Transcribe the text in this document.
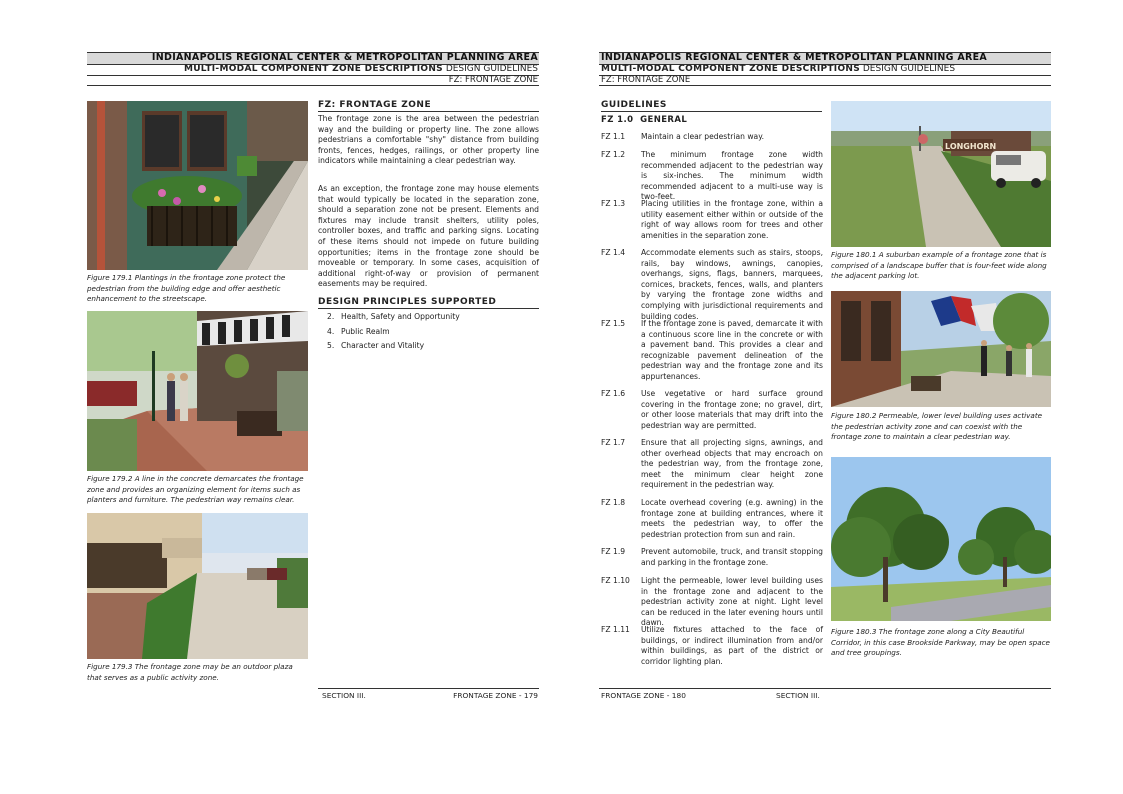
INDIANAPOLIS REGIONAL CENTER & METROPOLITAN PLANNING AREA
MULTI-MODAL COMPONENT ZONE DESCRIPTIONS DESIGN GUIDELINES
FZ: FRONTAGE ZONE
Figure 179.1 Plantings in the frontage zone protect the pedestrian from the building edge and offer aesthetic enhancement to the streetscape.
Figure 179.2 A line in the concrete demarcates the frontage zone and provides an organizing element for items such as planters and furniture. The pedestrian way remains clear.
Figure 179.3 The frontage zone may be an outdoor plaza that serves as a public activity zone.
FZ: FRONTAGE ZONE
The frontage zone is the area between the pedestrian way and the building or property line. The zone allows pedestrians a comfortable "shy" distance from building fronts, fences, hedges, railings, or other property line indicators while maintaining a clear pedestrian way.
As an exception, the frontage zone may house elements that would typically be located in the separation zone, should a separation zone not be present. Elements and fixtures may include transit shelters, utility poles, controller boxes, and traffic and parking signs. Locating of these items should not impede on future building opportunities; items in the frontage zone should be moveable or temporary. In some cases, acquisition of additional right-of-way or provision of permanent easements may be required.
DESIGN PRINCIPLES SUPPORTED
2. Health, Safety and Opportunity
4. Public Realm
5. Character and Vitality
SECTION III.	FRONTAGE ZONE - 179
INDIANAPOLIS REGIONAL CENTER & METROPOLITAN PLANNING AREA
MULTI-MODAL COMPONENT ZONE DESCRIPTIONS DESIGN GUIDELINES
FZ: FRONTAGE ZONE
GUIDELINES
FZ 1.0  GENERAL
FZ 1.1	Maintain a clear pedestrian way.
FZ 1.2	The minimum frontage zone width recommended adjacent to the pedestrian way is six-inches. The minimum width recommended adjacent to a multi-use way is two-feet.
FZ 1.3	Placing utilities in the frontage zone, within a utility easement either within or outside of the right of way allows room for trees and other amenities in the separation zone.
FZ 1.4	Accommodate elements such as stairs, stoops, rails, bay windows, awnings, canopies, overhangs, signs, flags, banners, marquees, cornices, brackets, fences, walls, and planters by varying the frontage zone widths and complying with jurisdictional requirements and building codes.
FZ 1.5	If the frontage zone is paved, demarcate it with a continuous score line in the concrete or with a pavement band. This provides a clear and recognizable pavement delineation of the pedestrian way and the frontage zone and its appurtenances.
FZ 1.6	Use vegetative or hard surface ground covering in the frontage zone; no gravel, dirt, or other loose materials that may drift into the pedestrian way are permitted.
FZ 1.7	Ensure that all projecting signs, awnings, and other overhead objects that may encroach on the pedestrian way, from the frontage zone, meet the minimum clear height zone requirement in the pedestrian way.
FZ 1.8	Locate overhead covering (e.g. awning) in the frontage zone at building entrances, where it meets the pedestrian way, to offer the pedestrian protection from sun and rain.
FZ 1.9	Prevent automobile, truck, and transit stopping and parking in the frontage zone.
FZ 1.10	Light the permeable, lower level building uses in the frontage zone and adjacent to the pedestrian activity zone at night. Light level can be reduced in the later evening hours until dawn.
FZ 1.11	Utilize fixtures attached to the face of buildings, or indirect illumination from and/or within buildings, as part of the district or corridor lighting plan.
LONGHORN
Figure 180.1 A suburban example of a frontage zone that is comprised of a landscape buffer that is four-feet wide along the adjacent parking lot.
Figure 180.2 Permeable, lower level building uses activate the pedestrian activity zone and can coexist with the frontage zone to maintain a clear pedestrian way.
Figure 180.3 The frontage zone along a City Beautiful Corridor, in this case Brookside Parkway, may be open space and tree groupings.
FRONTAGE ZONE - 180	SECTION III.
